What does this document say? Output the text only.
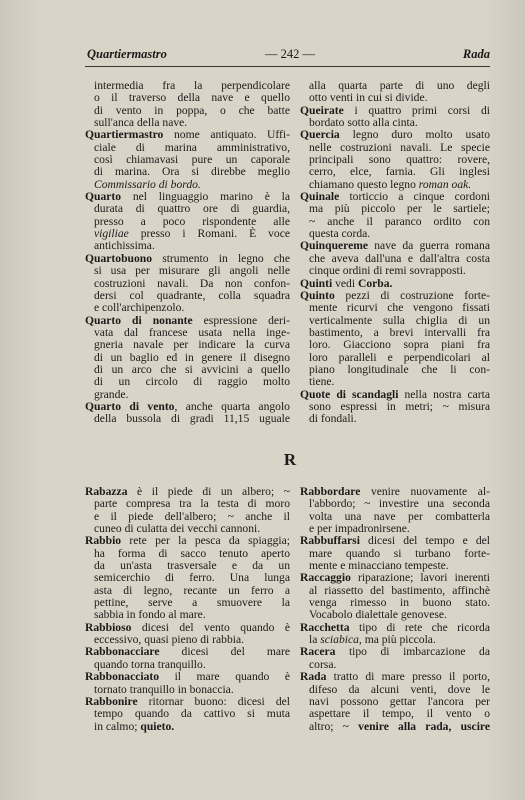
Quartiermastro	— 242 —	Rada
intermedia fra la perpendicolare
o il traverso della nave e quello
di vento in poppa, o che batte
sull'anca della nave.
Quartiermastro nome antiquato. Uffi-
ciale di marina amministrativo,
così chiamavasi pure un caporale
di marina. Ora si direbbe meglio
Commissario di bordo.
Quarto nel linguaggio marino è la
durata di quattro ore di guardia,
presso a poco rispondente alle
vigiliae presso i Romani. È voce
antichissima.
Quartobuono strumento in legno che
si usa per misurare gli angoli nelle
costruzioni navali. Da non confon-
dersi col quadrante, colla squadra
e coll'archipenzolo.
Quarto di nonante espressione deri-
vata dal francese usata nella inge-
gneria navale per indicare la curva
di un baglio ed in genere il disegno
di un arco che si avvicini a quello
di un circolo di raggio molto
grande.
Quarto di vento, anche quarta angolo
della bussola di gradi 11,15 uguale
alla quarta parte di uno degli
otto venti in cui si divide.
Queirate i quattro primi corsi di
bordato sotto alla cinta.
Quercia legno duro molto usato
nelle costruzioni navali. Le specie
principali sono quattro: rovere,
cerro, elce, farnia. Gli inglesi
chiamano questo legno roman oak.
Quinale torticcio a cinque cordoni
ma più piccolo per le sartiele;
~ anche il paranco ordito con
questa corda.
Quinquereme nave da guerra romana
che aveva dall'una e dall'altra costa
cinque ordini di remi sovrapposti.
Quinti vedi Corba.
Quinto pezzi di costruzione forte-
mente ricurvi che vengono fissati
verticalmente sulla chiglia di un
bastimento, a brevi intervalli fra
loro. Giacciono sopra piani fra
loro paralleli e perpendicolari al
piano longitudinale che li con-
tiene.
Quote di scandagli nella nostra carta
sono espressi in metri; ~ misura
di fondali.
R
Rabazza è il piede di un albero; ~
parte compresa tra la testa di moro
e il piede dell'albero; ~ anche il
cuneo di culatta dei vecchi cannoni.
Rabbio rete per la pesca da spiaggia;
ha forma di sacco tenuto aperto
da un'asta trasversale e da un
semicerchio di ferro. Una lunga
asta di legno, recante un ferro a
pettine, serve a smuovere la
sabbia in fondo al mare.
Rabbioso dicesi del vento quando è
eccessivo, quasi pieno di rabbia.
Rabbonacciare dicesi del mare
quando torna tranquillo.
Rabbonacciato il mare quando è
tornato tranquillo in bonaccia.
Rabbonire ritornar buono: dicesi del
tempo quando da cattivo si muta
in calmo; quieto.
Rabbordare venire nuovamente al-
l'abbordo; ~ investire una seconda
volta una nave per combatterla
e per impadronirsene.
Rabbuffarsi dicesi del tempo e del
mare quando si turbano forte-
mente e minacciano tempeste.
Raccaggio riparazione; lavori inerenti
al riassetto del bastimento, affinchè
venga rimesso in buono stato.
Vocabolo dialettale genovese.
Racchetta tipo di rete che ricorda
la sciabica, ma più piccola.
Racera tipo di imbarcazione da
corsa.
Rada tratto di mare presso il porto,
difeso da alcuni venti, dove le
navi possono gettar l'ancora per
aspettare il tempo, il vento o
altro; ~ venire alla rada, uscire
